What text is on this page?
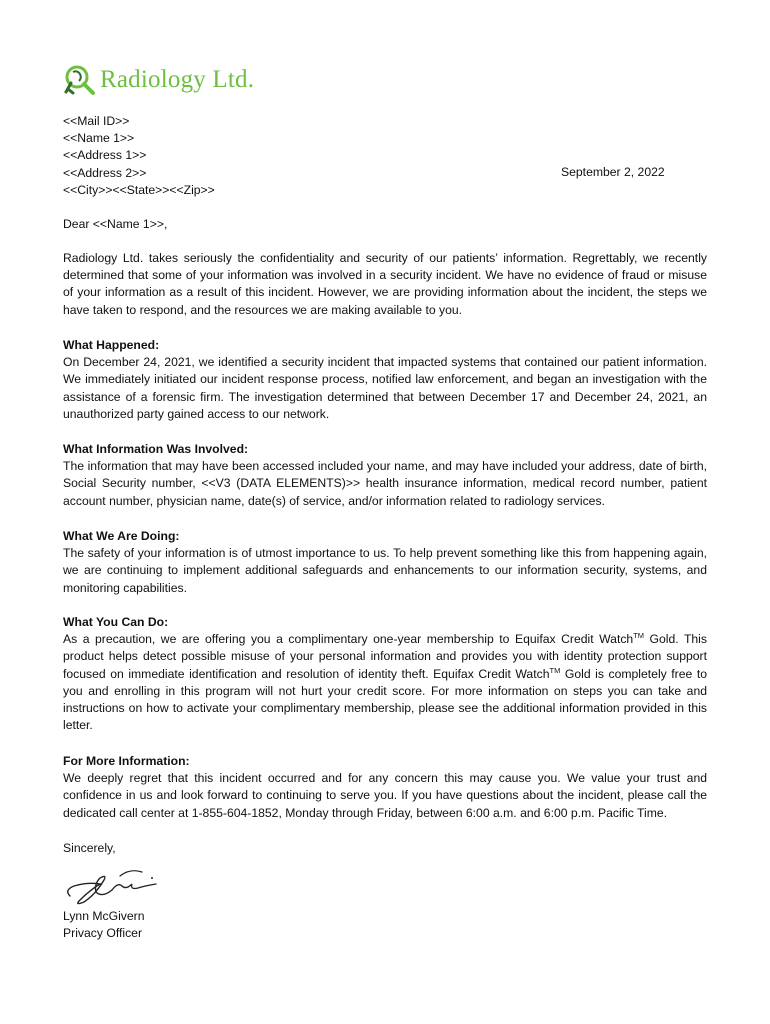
Radiology Ltd.
<<Mail ID>>
<<Name 1>>
<<Address 1>>
<<Address 2>>
<<City>><<State>><<Zip>>
September 2, 2022
Dear <<Name 1>>,
Radiology Ltd. takes seriously the confidentiality and security of our patients’ information. Regrettably, we recently determined that some of your information was involved in a security incident. We have no evidence of fraud or misuse of your information as a result of this incident. However, we are providing information about the incident, the steps we have taken to respond, and the resources we are making available to you.
What Happened:
On December 24, 2021, we identified a security incident that impacted systems that contained our patient information. We immediately initiated our incident response process, notified law enforcement, and began an investigation with the assistance of a forensic firm. The investigation determined that between December 17 and December 24, 2021, an unauthorized party gained access to our network.
What Information Was Involved:
The information that may have been accessed included your name, and may have included your address, date of birth, Social Security number, <<V3 (DATA ELEMENTS)>> health insurance information, medical record number, patient account number, physician name, date(s) of service, and/or information related to radiology services.
What We Are Doing:
The safety of your information is of utmost importance to us. To help prevent something like this from happening again, we are continuing to implement additional safeguards and enhancements to our information security, systems, and monitoring capabilities.
What You Can Do:
As a precaution, we are offering you a complimentary one-year membership to Equifax Credit Watch™ Gold. This product helps detect possible misuse of your personal information and provides you with identity protection support focused on immediate identification and resolution of identity theft. Equifax Credit Watch™ Gold is completely free to you and enrolling in this program will not hurt your credit score. For more information on steps you can take and instructions on how to activate your complimentary membership, please see the additional information provided in this letter.
For More Information:
We deeply regret that this incident occurred and for any concern this may cause you. We value your trust and confidence in us and look forward to continuing to serve you. If you have questions about the incident, please call the dedicated call center at 1-855-604-1852, Monday through Friday, between 6:00 a.m. and 6:00 p.m. Pacific Time.
Sincerely,
Lynn McGivern
Privacy Officer
